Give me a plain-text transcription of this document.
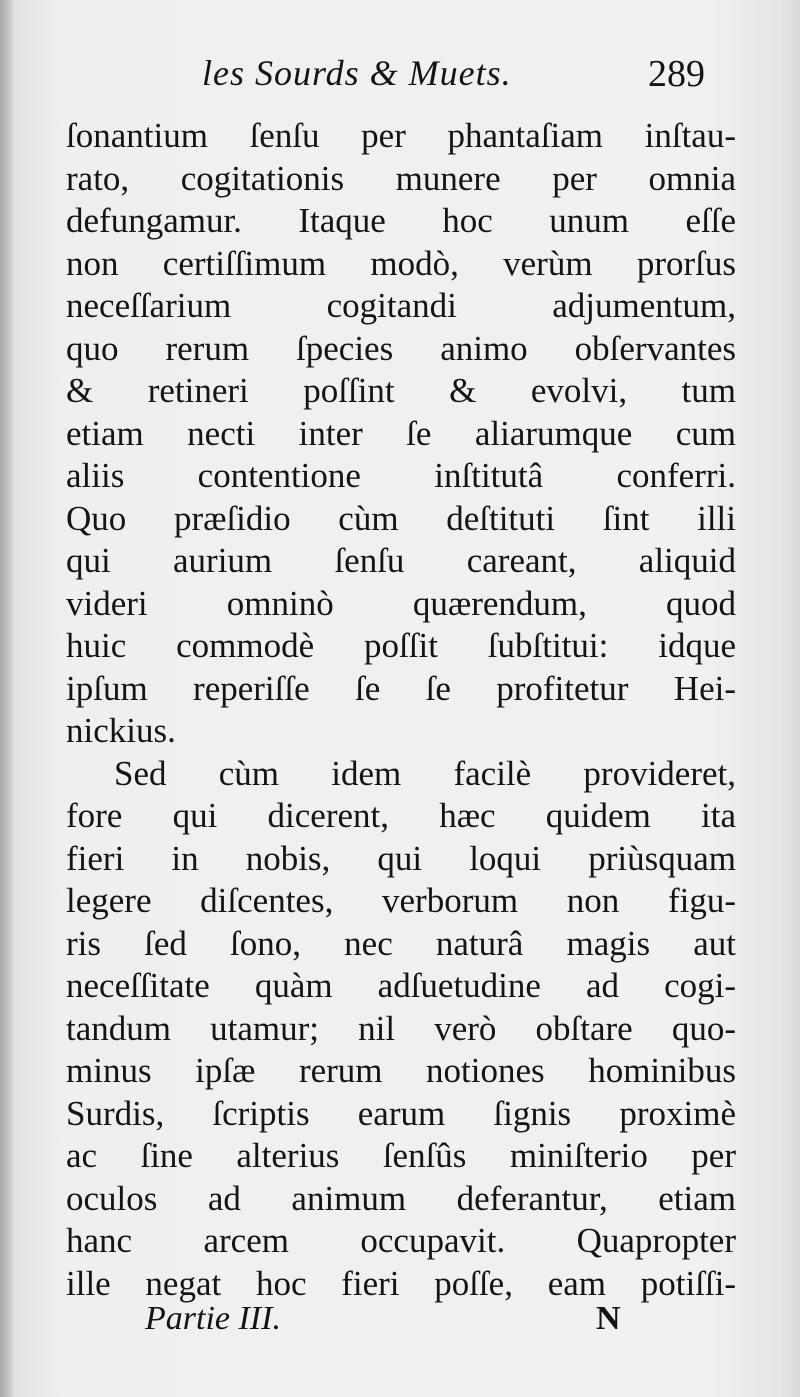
les Sourds & Muets.	289
ſonantium ſenſu per phantaſiam inſtau-
rato, cogitationis munere per omnia
defungamur. Itaque hoc unum eſſe
non certiſſimum modò, verùm prorſus
neceſſarium cogitandi adjumentum,
quo rerum ſpecies animo obſervantes
& retineri poſſint & evolvi, tum
etiam necti inter ſe aliarumque cum
aliis contentione inſtitutâ conferri.
Quo præſidio cùm deſtituti ſint illi
qui aurium ſenſu careant, aliquid
videri omninò quærendum, quod
huic commodè poſſit ſubſtitui: idque
ipſum reperiſſe ſe ſe profitetur Hei-
nickius.
Sed cùm idem facilè provideret,
fore qui dicerent, hæc quidem ita
fieri in nobis, qui loqui priùsquam
legere diſcentes, verborum non figu-
ris ſed ſono, nec naturâ magis aut
neceſſitate quàm adſuetudine ad cogi-
tandum utamur; nil verò obſtare quo-
minus ipſæ rerum notiones hominibus
Surdis, ſcriptis earum ſignis proximè
ac ſine alterius ſenſûs miniſterio per
oculos ad animum deferantur, etiam
hanc arcem occupavit. Quapropter
ille negat hoc fieri poſſe, eam potiſſi-
Partie III.	N
